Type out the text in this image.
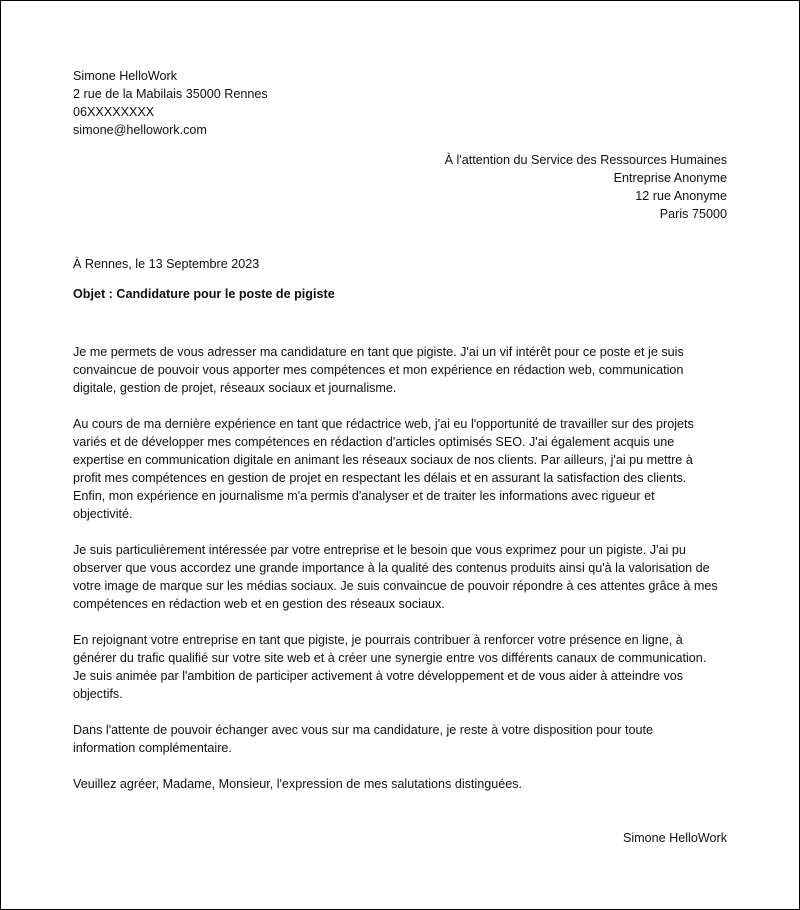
Simone HelloWork
2 rue de la Mabilais 35000 Rennes
06XXXXXXXX
simone@hellowork.com
À l'attention du Service des Ressources Humaines
Entreprise Anonyme
12 rue Anonyme
Paris 75000
À Rennes, le 13 Septembre 2023
Objet : Candidature pour le poste de pigiste

Je me permets de vous adresser ma candidature en tant que pigiste. J'ai un vif intérêt pour ce poste et je suis
convaincue de pouvoir vous apporter mes compétences et mon expérience en rédaction web, communication
digitale, gestion de projet, réseaux sociaux et journalisme.

Au cours de ma dernière expérience en tant que rédactrice web, j'ai eu l'opportunité de travailler sur des projets
variés et de développer mes compétences en rédaction d'articles optimisés SEO. J'ai également acquis une
expertise en communication digitale en animant les réseaux sociaux de nos clients. Par ailleurs, j'ai pu mettre à
profit mes compétences en gestion de projet en respectant les délais et en assurant la satisfaction des clients.
Enfin, mon expérience en journalisme m'a permis d'analyser et de traiter les informations avec rigueur et
objectivité.

Je suis particulièrement intéressée par votre entreprise et le besoin que vous exprimez pour un pigiste. J'ai pu
observer que vous accordez une grande importance à la qualité des contenus produits ainsi qu'à la valorisation de
votre image de marque sur les médias sociaux. Je suis convaincue de pouvoir répondre à ces attentes grâce à mes
compétences en rédaction web et en gestion des réseaux sociaux.

En rejoignant votre entreprise en tant que pigiste, je pourrais contribuer à renforcer votre présence en ligne, à
générer du trafic qualifié sur votre site web et à créer une synergie entre vos différents canaux de communication.
Je suis animée par l'ambition de participer activement à votre développement et de vous aider à atteindre vos
objectifs.

Dans l'attente de pouvoir échanger avec vous sur ma candidature, je reste à votre disposition pour toute
information complémentaire.

Veuillez agréer, Madame, Monsieur, l'expression de mes salutations distinguées.

Simone HelloWork
